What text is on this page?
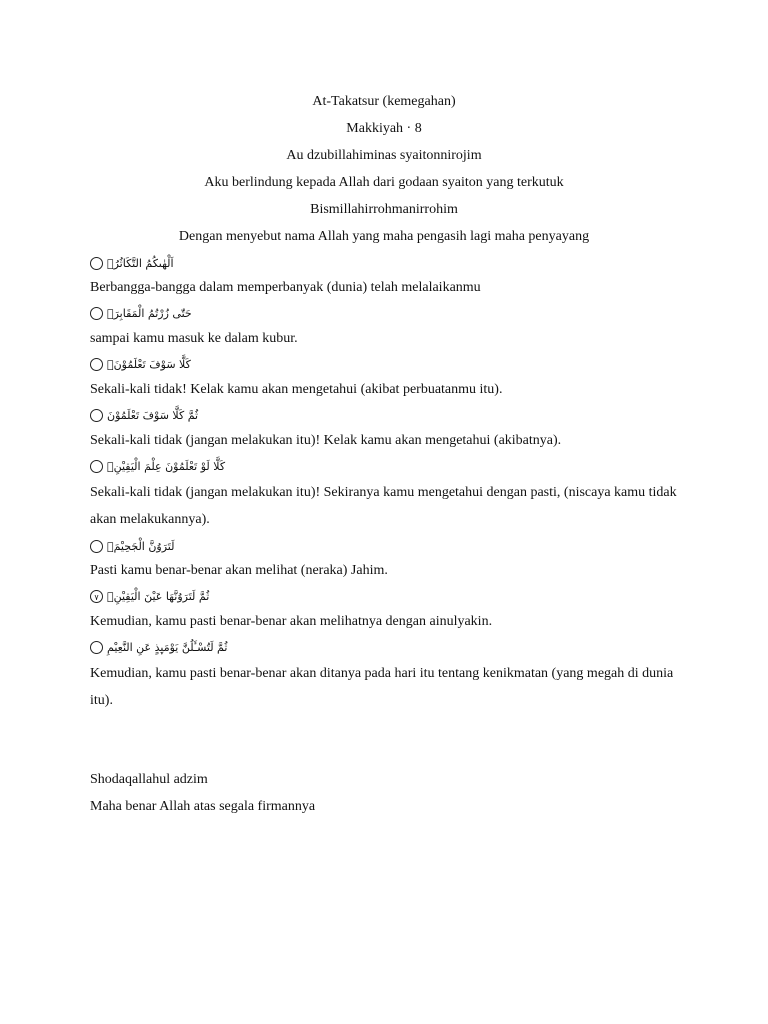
At-Takatsur (kemegahan)
Makkiyah · 8
Au dzubillahiminas syaitonnirojim
Aku berlindung kepada Allah dari godaan syaiton yang terkutuk
Bismillahirrohmanirrohim
Dengan menyebut nama Allah yang maha pengasih lagi maha penyayang
اَلْهٰىكُمُ التَّكَاثُرُۙ
Berbangga-bangga dalam memperbanyak (dunia) telah melalaikanmu
حَتّٰى زُرْتُمُ الْمَقَابِرَۗ
sampai kamu masuk ke dalam kubur.
كَلَّا سَوْفَ تَعْلَمُوْنَۙ
Sekali-kali tidak! Kelak kamu akan mengetahui (akibat perbuatanmu itu).
ثُمَّ كَلَّا سَوْفَ تَعْلَمُوْنَ
Sekali-kali tidak (jangan melakukan itu)! Kelak kamu akan mengetahui (akibatnya).
كَلَّا لَوْ تَعْلَمُوْنَ عِلْمَ الْيَقِيْنِۗ
Sekali-kali tidak (jangan melakukan itu)! Sekiranya kamu mengetahui dengan pasti, (niscaya kamu tidak akan melakukannya).
لَتَرَوُنَّ الْجَحِيْمَۙ
Pasti kamu benar-benar akan melihat (neraka) Jahim.
٧ ثُمَّ لَتَرَوُنَّهَا عَيْنَ الْيَقِيْنِۙ
Kemudian, kamu pasti benar-benar akan melihatnya dengan ainulyakin.
ثُمَّ لَتُسْـَٔلُنَّ يَوْمَىِٕذٍ عَنِ النَّعِيْمِ
Kemudian, kamu pasti benar-benar akan ditanya pada hari itu tentang kenikmatan (yang megah di dunia itu).
Shodaqallahul adzim
Maha benar Allah atas segala firmannya
